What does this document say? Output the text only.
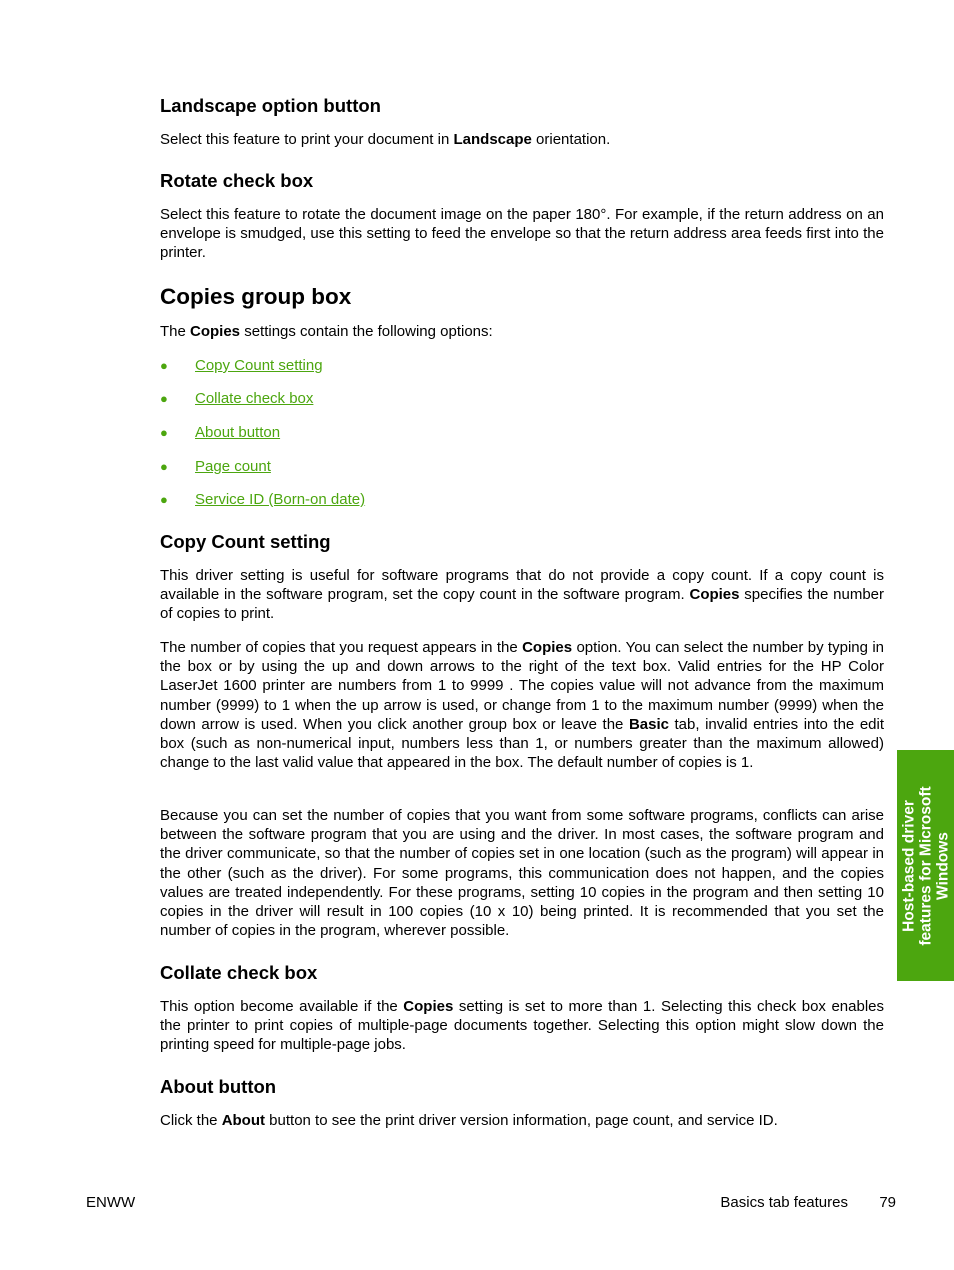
Landscape option button

Select this feature to print your document in Landscape orientation.

Rotate check box

Select this feature to rotate the document image on the paper 180°. For example, if the return address on an envelope is smudged, use this setting to feed the envelope so that the return address area feeds first into the printer.

Copies group box

The Copies settings contain the following options:

● Copy Count setting
● Collate check box
● About button
● Page count
● Service ID (Born-on date)
Copy Count setting

This driver setting is useful for software programs that do not provide a copy count. If a copy count is available in the software program, set the copy count in the software program. Copies specifies the number of copies to print.

The number of copies that you request appears in the Copies option. You can select the number by typing in the box or by using the up and down arrows to the right of the text box. Valid entries for the HP Color LaserJet 1600 printer are numbers from 1 to 9999 . The copies value will not advance from the maximum number (9999) to 1 when the up arrow is used, or change from 1 to the maximum number (9999) when the down arrow is used. When you click another group box or leave the Basic tab, invalid entries into the edit box (such as non-numerical input, numbers less than 1, or numbers greater than the maximum allowed) change to the last valid value that appeared in the box. The default number of copies is 1.

Because you can set the number of copies that you want from some software programs, conflicts can arise between the software program that you are using and the driver. In most cases, the software program and the driver communicate, so that the number of copies set in one location (such as the program) will appear in the other (such as the driver). For some programs, this communication does not happen, and the copies values are treated independently. For these programs, setting 10 copies in the program and then setting 10 copies in the driver will result in 100 copies (10 x 10) being printed. It is recommended that you set the number of copies in the program, wherever possible.

Collate check box

This option become available if the Copies setting is set to more than 1. Selecting this check box enables the printer to print copies of multiple-page documents together. Selecting this option might slow down the printing speed for multiple-page jobs.

About button

Click the About button to see the print driver version information, page count, and service ID.

Host-based driver features for Microsoft Windows
ENWW	Basics tab features 79
